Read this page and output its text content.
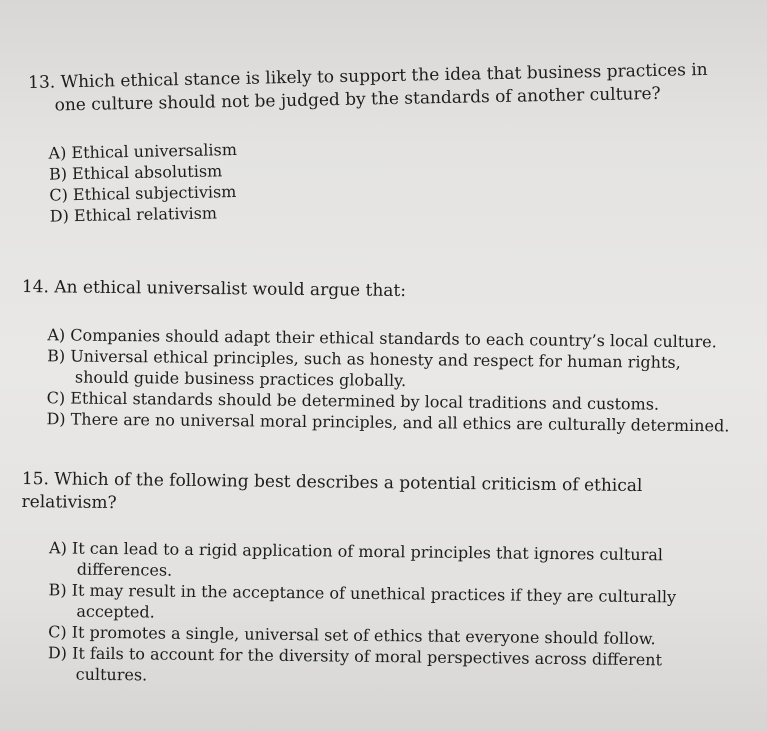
13. Which ethical stance is likely to support the idea that business practices in one culture should not be judged by the standards of another culture?

A) Ethical universalism
B) Ethical absolutism
C) Ethical subjectivism
D) Ethical relativism

14. An ethical universalist would argue that:

A) Companies should adapt their ethical standards to each country’s local culture.
B) Universal ethical principles, such as honesty and respect for human rights, should guide business practices globally.
C) Ethical standards should be determined by local traditions and customs.
D) There are no universal moral principles, and all ethics are culturally determined.

15. Which of the following best describes a potential criticism of ethical relativism?

A) It can lead to a rigid application of moral principles that ignores cultural differences.
B) It may result in the acceptance of unethical practices if they are culturally accepted.
C) It promotes a single, universal set of ethics that everyone should follow.
D) It fails to account for the diversity of moral perspectives across different cultures.
